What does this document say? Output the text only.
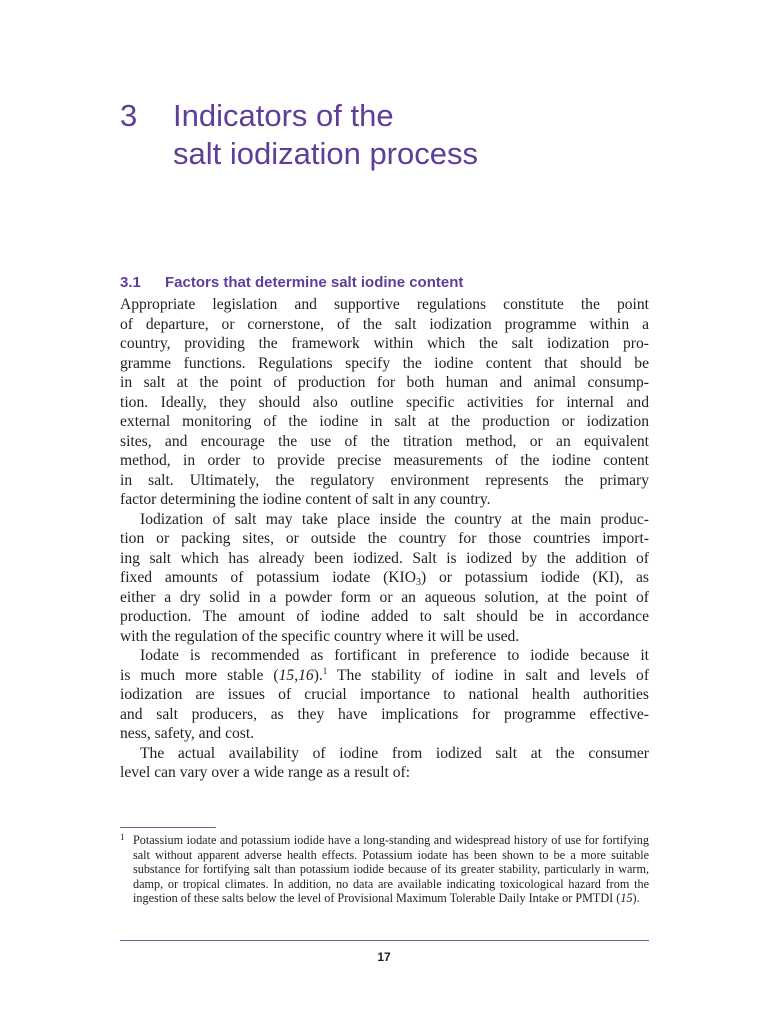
3 Indicators of the
salt iodization process
3.1 Factors that determine salt iodine content

Appropriate legislation and supportive regulations constitute the point

of departure, or cornerstone, of the salt iodization programme within a

country, providing the framework within which the salt iodization pro-

gramme functions. Regulations specify the iodine content that should be

in salt at the point of production for both human and animal consump-

tion. Ideally, they should also outline specific activities for internal and

external monitoring of the iodine in salt at the production or iodization

sites, and encourage the use of the titration method, or an equivalent

method, in order to provide precise measurements of the iodine content

in salt. Ultimately, the regulatory environment represents the primary

factor determining the iodine content of salt in any country.

Iodization of salt may take place inside the country at the main produc-

tion or packing sites, or outside the country for those countries import-

ing salt which has already been iodized. Salt is iodized by the addition of

fixed amounts of potassium iodate $(KIO_3)$ or potassium iodide (KI), as

either a dry solid in a powder form or an aqueous solution, at the point of

production. The amount of iodine added to salt should be in accordance

with the regulation of the specific country where it will be used.

Iodate is recommended as fortificant in preference to iodide because it

is much more stable (15,16).$^1$ The stability of iodine in salt and levels of

iodization are issues of crucial importance to national health authorities

and salt producers, as they have implications for programme effective-

ness, safety, and cost.

The actual availability of iodine from iodized salt at the consumer

level can vary over a wide range as a result of:

1 Potassium iodate and potassium iodide have a long-standing and widespread history of use for fortifying salt without apparent adverse health effects. Potassium iodate has been shown to be a more suitable substance for fortifying salt than potassium iodide because of its greater stability, particularly in warm, damp, or tropical climates. In addition, no data are available indicating toxicological hazard from the ingestion of these salts below the level of Provisional Maximum Tolerable Daily Intake or PMTDI (15).
17
